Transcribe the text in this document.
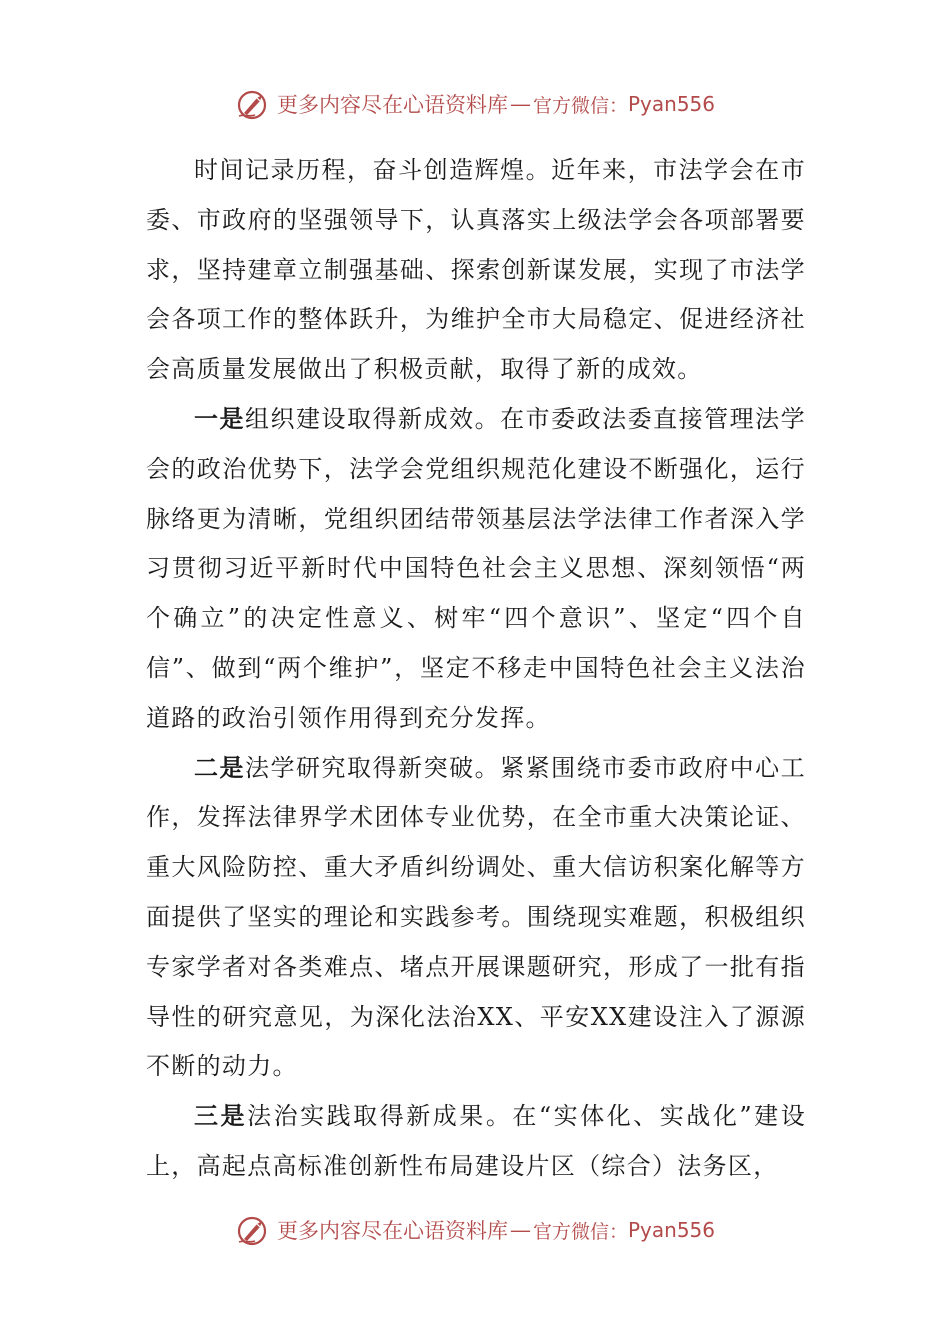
更多内容尽在心语资料库 — 官方微信： Pyan556

时间记录历程，奋斗创造辉煌。近年来，市法学会在市委、市政府的坚强领导下，认真落实上级法学会各项部署要求，坚持建章立制强基础、探索创新谋发展，实现了市法学会各项工作的整体跃升，为维护全市大局稳定、促进经济社会高质量发展做出了积极贡献，取得了新的成效。

一是组织建设取得新成效。在市委政法委直接管理法学会的政治优势下，法学会党组织规范化建设不断强化，运行脉络更为清晰，党组织团结带领基层法学法律工作者深入学习贯彻习近平新时代中国特色社会主义思想、深刻领悟“两个确立”的决定性意义、树牢“四个意识”、坚定“四个自信”、做到“两个维护”，坚定不移走中国特色社会主义法治道路的政治引领作用得到充分发挥。

二是法学研究取得新突破。紧紧围绕市委市政府中心工作，发挥法律界学术团体专业优势，在全市重大决策论证、重大风险防控、重大矛盾纠纷调处、重大信访积案化解等方面提供了坚实的理论和实践参考。围绕现实难题，积极组织专家学者对各类难点、堵点开展课题研究，形成了一批有指导性的研究意见，为深化法治XX、平安XX建设注入了源源不断的动力。

三是法治实践取得新成果。在“实体化、实战化”建设上，高起点高标准创新性布局建设片区（综合）法务区，

更多内容尽在心语资料库 — 官方微信： Pyan556
